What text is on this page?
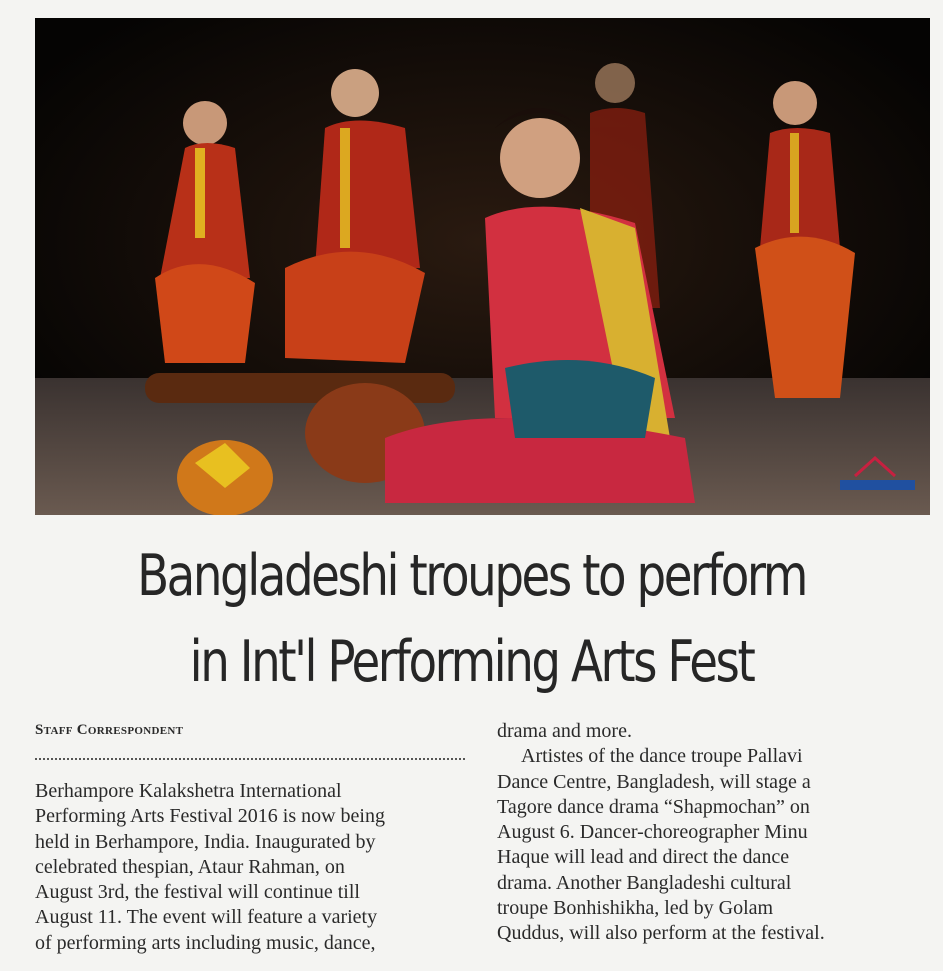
Bangladeshi troupes to perform
in Int'l Performing Arts Fest
Staff Correspondent

Berhampore Kalakshetra International

Performing Arts Festival 2016 is now being

held in Berhampore, India. Inaugurated by

celebrated thespian, Ataur Rahman, on

August 3rd, the festival will continue till

August 11. The event will feature a variety

of performing arts including music, dance,

drama and more.

Artistes of the dance troupe Pallavi

Dance Centre, Bangladesh, will stage a

Tagore dance drama “Shapmochan” on

August 6. Dancer-choreographer Minu

Haque will lead and direct the dance

drama. Another Bangladeshi cultural

troupe Bonhishikha, led by Golam

Quddus, will also perform at the festival.
